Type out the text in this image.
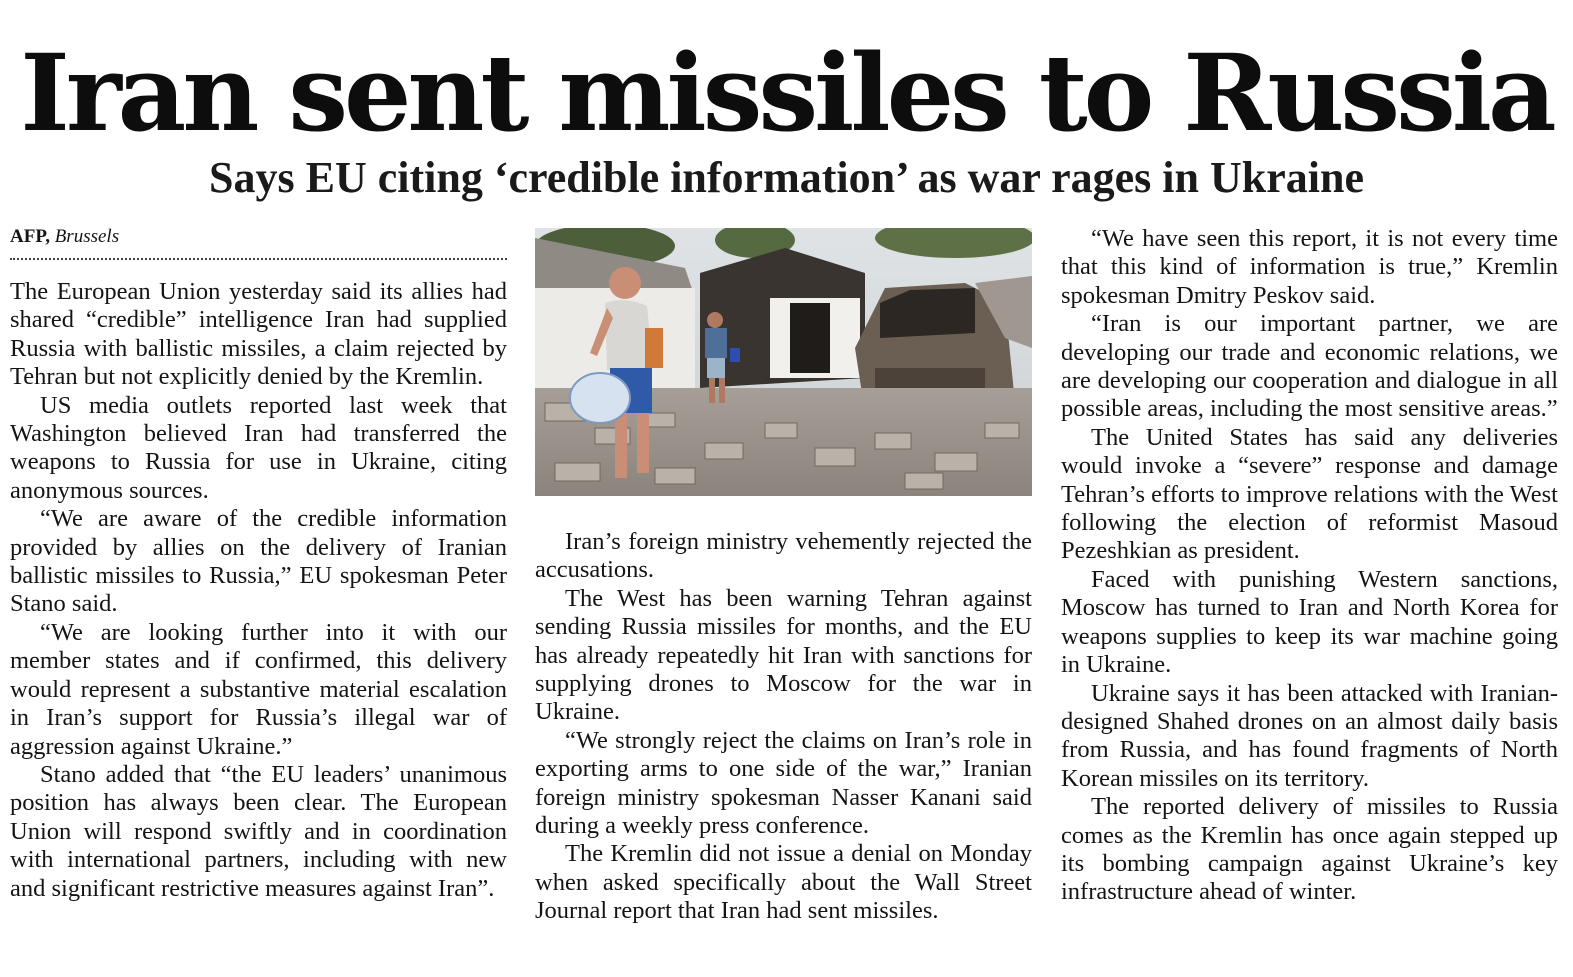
Iran sent missiles to Russia
Says EU citing ‘credible information’ as war rages in Ukraine
AFP, Brussels

The European Union yesterday said its allies had shared “credible” intelligence Iran had supplied Russia with ballistic missiles, a claim rejected by Tehran but not explicitly denied by the Kremlin.

US media outlets reported last week that Washington believed Iran had transferred the weapons to Russia for use in Ukraine, citing anonymous sources.

“We are aware of the credible information provided by allies on the delivery of Iranian ballistic missiles to Russia,” EU spokesman Peter Stano said.

“We are looking further into it with our member states and if confirmed, this delivery would represent a substantive material escalation in Iran’s support for Russia’s illegal war of aggression against Ukraine.”

Stano added that “the EU leaders’ unanimous position has always been clear. The European Union will respond swiftly and in coordination with international partners, including with new and significant restrictive measures against Iran”.

Iran’s foreign ministry vehemently rejected the accusations.

The West has been warning Tehran against sending Russia missiles for months, and the EU has already repeatedly hit Iran with sanctions for supplying drones to Moscow for the war in Ukraine.

“We strongly reject the claims on Iran’s role in exporting arms to one side of the war,” Iranian foreign ministry spokesman Nasser Kanani said during a weekly press conference.

The Kremlin did not issue a denial on Monday when asked specifically about the Wall Street Journal report that Iran had sent missiles.

“We have seen this report, it is not every time that this kind of information is true,” Kremlin spokesman Dmitry Peskov said.

“Iran is our important partner, we are developing our trade and economic relations, we are developing our cooperation and dialogue in all possible areas, including the most sensitive areas.”

The United States has said any deliveries would invoke a “severe” response and damage Tehran’s efforts to improve relations with the West following the election of reformist Masoud Pezeshkian as president.

Faced with punishing Western sanctions, Moscow has turned to Iran and North Korea for weapons supplies to keep its war machine going in Ukraine.

Ukraine says it has been attacked with Iranian-designed Shahed drones on an almost daily basis from Russia, and has found fragments of North Korean missiles on its territory.

The reported delivery of missiles to Russia comes as the Kremlin has once again stepped up its bombing campaign against Ukraine’s key infrastructure ahead of winter.
